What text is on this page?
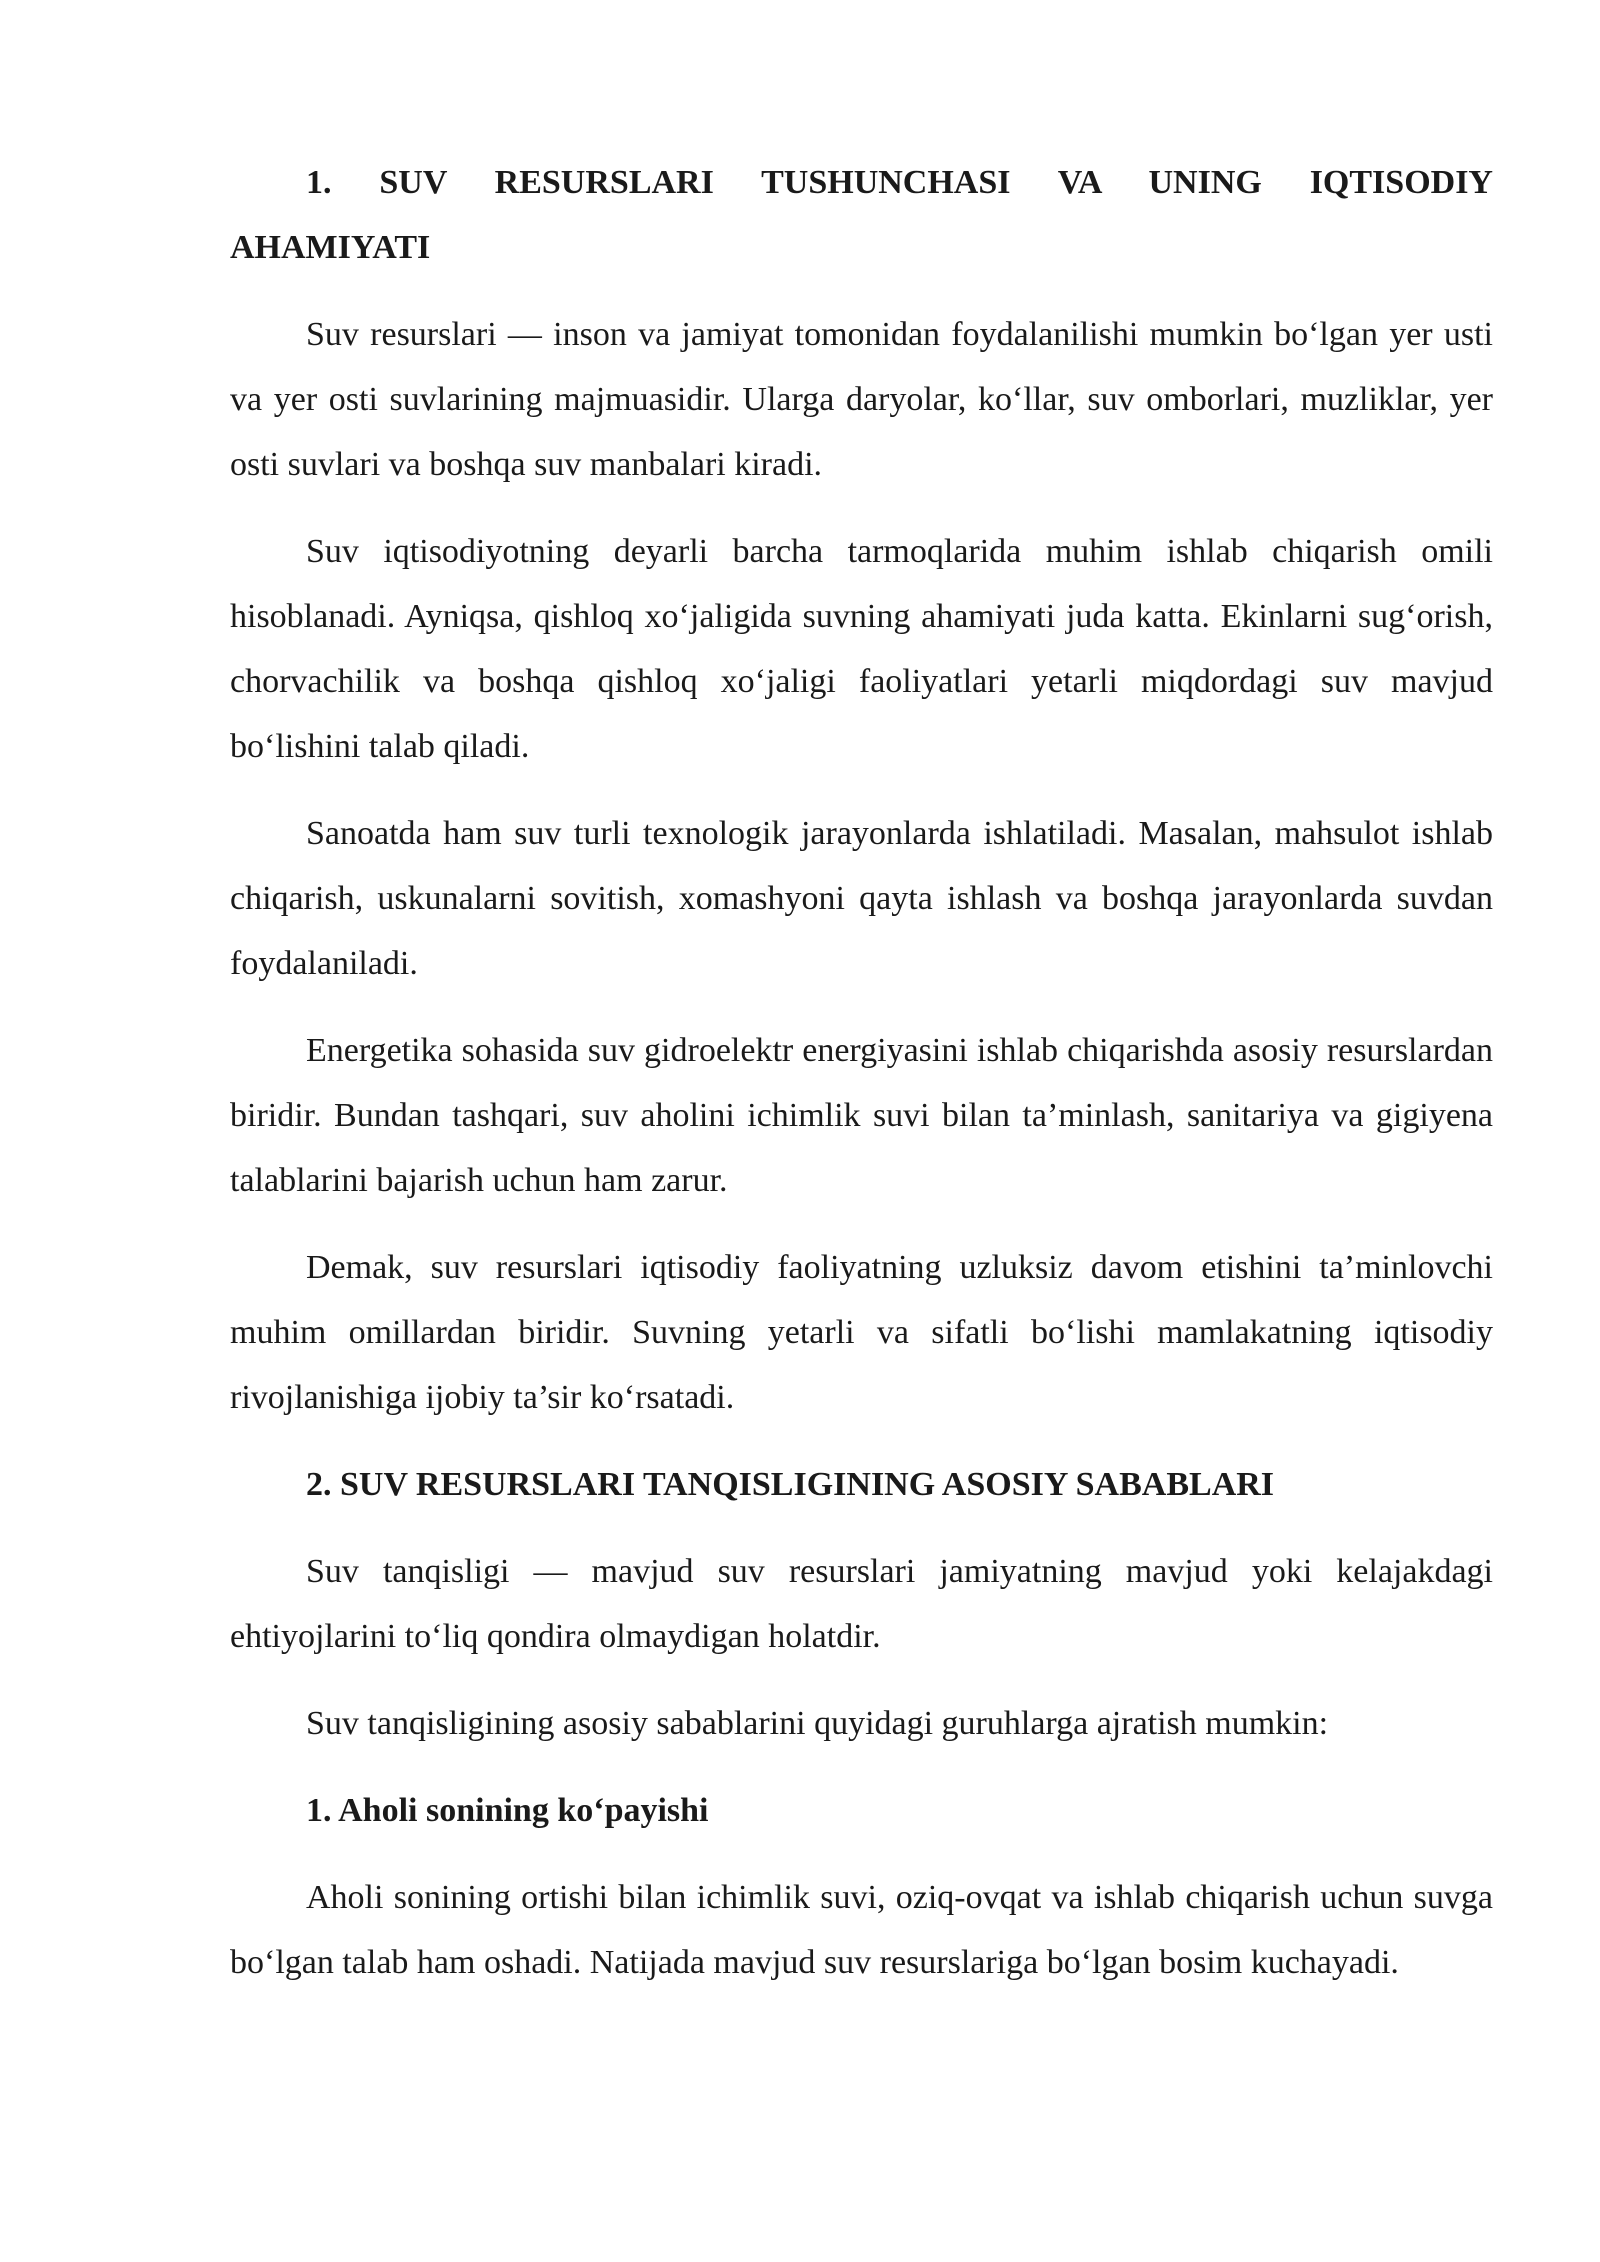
1. SUV RESURSLARI TUSHUNCHASI VA UNING IQTISODIY AHAMIYATI

Suv resurslari — inson va jamiyat tomonidan foydalanilishi mumkin bo‘lgan yer usti va yer osti suvlarining majmuasidir. Ularga daryolar, ko‘llar, suv omborlari, muzliklar, yer osti suvlari va boshqa suv manbalari kiradi.

Suv iqtisodiyotning deyarli barcha tarmoqlarida muhim ishlab chiqarish omili hisoblanadi. Ayniqsa, qishloq xo‘jaligida suvning ahamiyati juda katta. Ekinlarni sug‘orish, chorvachilik va boshqa qishloq xo‘jaligi faoliyatlari yetarli miqdordagi suv mavjud bo‘lishini talab qiladi.

Sanoatda ham suv turli texnologik jarayonlarda ishlatiladi. Masalan, mahsulot ishlab chiqarish, uskunalarni sovitish, xomashyoni qayta ishlash va boshqa jarayonlarda suvdan foydalaniladi.

Energetika sohasida suv gidroelektr energiyasini ishlab chiqarishda asosiy resurslardan biridir. Bundan tashqari, suv aholini ichimlik suvi bilan ta’minlash, sanitariya va gigiyena talablarini bajarish uchun ham zarur.

Demak, suv resurslari iqtisodiy faoliyatning uzluksiz davom etishini ta’minlovchi muhim omillardan biridir. Suvning yetarli va sifatli bo‘lishi mamlakatning iqtisodiy rivojlanishiga ijobiy ta’sir ko‘rsatadi.

2. SUV RESURSLARI TANQISLIGINING ASOSIY SABABLARI

Suv tanqisligi — mavjud suv resurslari jamiyatning mavjud yoki kelajakdagi ehtiyojlarini to‘liq qondira olmaydigan holatdir.

Suv tanqisligining asosiy sabablarini quyidagi guruhlarga ajratish mumkin:

1. Aholi sonining ko‘payishi

Aholi sonining ortishi bilan ichimlik suvi, oziq-ovqat va ishlab chiqarish uchun suvga bo‘lgan talab ham oshadi. Natijada mavjud suv resurslariga bo‘lgan bosim kuchayadi.
